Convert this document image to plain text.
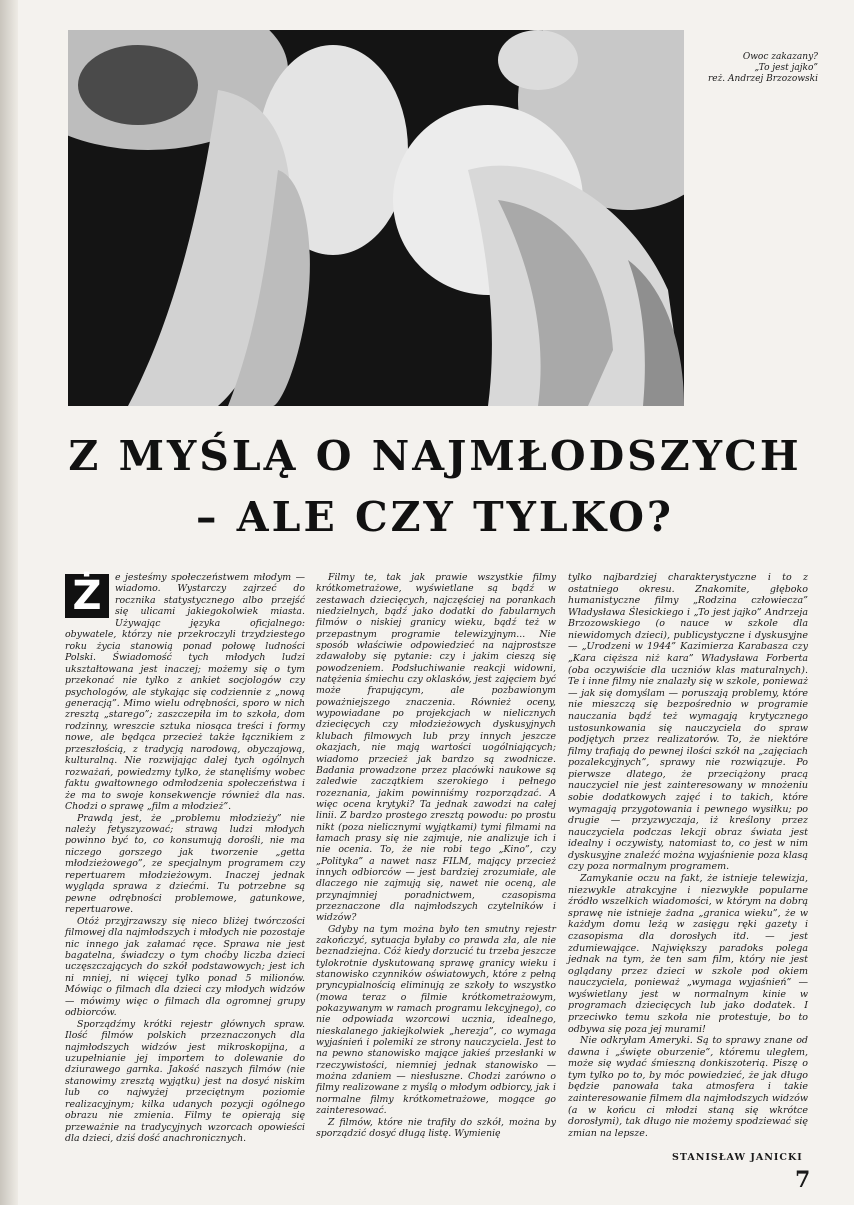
Owoc zakazany?
„To jest jajko”
reż. Andrzej Brzozowski
Z MYŚLĄ O NAJMŁODSZYCH
– ALE CZY TYLKO?
Ż	e jesteśmy społeczeństwem młodym — wiadomo. Wystarczy zajrzeć do rocznika statystycznego albo przejść się ulicami jakiegokolwiek miasta. Używając języka oficjalnego: obywatele, którzy nie przekroczyli trzydziestego roku życia stanowią ponad połowę ludności Polski. Świadomość tych młodych ludzi ukształtowana jest inaczej; możemy się o tym przekonać nie tylko z ankiet socjologów czy psychologów, ale stykając się codziennie z „nową generacją”. Mimo wielu odrębności, sporo w nich zresztą „starego”; zaszczepiła im to szkoła, dom rodzinny, wreszcie sztuka niosąca treści i formy nowe, ale będąca przecież także łącznikiem z przeszłością, z tradycją narodową, obyczajową, kulturalną. Nie rozwijając dalej tych ogólnych rozważań, powiedzmy tylko, że stanęliśmy wobec faktu gwałtownego odmłodzenia społeczeństwa i że ma to swoje konsekwencje również dla nas. Chodzi o sprawę „film a młodzież”.

Prawdą jest, że „problemu młodzieży” nie należy fetyszyzować; strawą ludzi młodych powinno być to, co konsumują dorośli, nie ma niczego gorszego jak tworzenie „getta młodzieżowego”, ze specjalnym programem czy repertuarem młodzieżowym. Inaczej jednak wygląda sprawa z dziećmi. Tu potrzebne są pewne odrębności problemowe, gatunkowe, repertuarowe.

Otóż przyjrzawszy się nieco bliżej twórczości filmowej dla najmłodszych i młodych nie pozostaje nic innego jak załamać ręce. Sprawa nie jest bagatelna, świadczy o tym choćby liczba dzieci uczęszczających do szkół podstawowych; jest ich ni mniej, ni więcej tylko ponad 5 milionów. Mówiąc o filmach dla dzieci czy młodych widzów — mówimy więc o filmach dla ogromnej grupy odbiorców.

Sporządźmy krótki rejestr głównych spraw. Ilość filmów polskich przeznaczonych dla najmłodszych widzów jest mikroskopijna, a uzupełnianie jej importem to dolewanie do dziurawego garnka. Jakość naszych filmów (nie stanowimy zresztą wyjątku) jest na dosyć niskim lub co najwyżej przeciętnym poziomie realizacyjnym; kilka udanych pozycji ogólnego obrazu nie zmienia. Filmy te opierają się przeważnie na tradycyjnych wzorcach opowieści dla dzieci, dziś dość anachronicznych.

Filmy te, tak jak prawie wszystkie filmy krótkometrażowe, wyświetlane są bądź w zestawach dziecięcych, najczęściej na porankach niedzielnych, bądź jako dodatki do fabularnych filmów o niskiej granicy wieku, bądź też w przepastnym programie telewizyjnym... Nie sposób właściwie odpowiedzieć na najprostsze zdawałoby się pytanie: czy i jakim cieszą się powodzeniem. Podsłuchiwanie reakcji widowni, natężenia śmiechu czy oklasków, jest zajęciem być może frapującym, ale pozbawionym poważniejszego znaczenia. Również oceny, wypowiadane po projekcjach w nielicznych dziecięcych czy młodzieżowych dyskusyjnych klubach filmowych lub przy innych jeszcze okazjach, nie mają wartości uogólniających; wiadomo przecież jak bardzo są zwodnicze. Badania prowadzone przez placówki naukowe są zaledwie zaczątkiem szerokiego i pełnego rozeznania, jakim powinniśmy rozporządzać. A więc ocena krytyki? Ta jednak zawodzi na całej linii. Z bardzo prostego zresztą powodu: po prostu nikt (poza nielicznymi wyjątkami) tymi filmami na łamach prasy się nie zajmuje, nie analizuje ich i nie ocenia. To, że nie robi tego „Kino”, czy „Polityka” a nawet nasz FILM, mający przecież innych odbiorców — jest bardziej zrozumiałe, ale dlaczego nie zajmują się, nawet nie oceną, ale przynajmniej poradnictwem, czasopisma przeznaczone dla najmłodszych czytelników i widzów?

Gdyby na tym można było ten smutny rejestr zakończyć, sytuacja byłaby co prawda zła, ale nie beznadziejna. Cóż kiedy dorzucić tu trzeba jeszcze tylokrotnie dyskutowaną sprawę granicy wieku i stanowisko czynników oświatowych, które z pełną pryncypialnością eliminują ze szkoły to wszystko (mowa teraz o filmie krótkometrażowym, pokazywanym w ramach programu lekcyjnego), co nie odpowiada wzorcowi ucznia, idealnego, nieskalanego jakiejkolwiek „herezja”, co wymaga wyjaśnień i polemiki ze strony nauczyciela. Jest to na pewno stanowisko mające jakieś przesłanki w rzeczywistości, niemniej jednak stanowisko — można zdaniem — niesłuszne. Chodzi zarówno o filmy realizowane z myślą o młodym odbiorcy, jak i normalne filmy krótkometrażowe, mogące go zainteresować.

Z filmów, które nie trafiły do szkół, można by sporządzić dosyć długą listę. Wymienię

tylko najbardziej charakterystyczne i to z ostatniego okresu. Znakomite, głęboko humanistyczne filmy „Rodzina człowiecza” Władysława Ślesickiego i „To jest jajko” Andrzeja Brzozowskiego (o nauce w szkole dla niewidomych dzieci), publicystyczne i dyskusyjne — „Urodzeni w 1944” Kazimierza Karabasza czy „Kara cięższa niż kara” Władysława Forberta (oba oczywiście dla uczniów klas maturalnych). Te i inne filmy nie znalazły się w szkole, ponieważ — jak się domyślam — poruszają problemy, które nie mieszczą się bezpośrednio w programie nauczania bądź też wymagają krytycznego ustosunkowania się nauczyciela do spraw podjętych przez realizatorów. To, że niektóre filmy trafiają do pewnej ilości szkół na „zajęciach pozalekcyjnych”, sprawy nie rozwiązuje. Po pierwsze dlatego, że przeciążony pracą nauczyciel nie jest zainteresowany w mnożeniu sobie dodatkowych zajęć i to takich, które wymagają przygotowania i pewnego wysiłku; po drugie — przyzwyczaja, iż kreślony przez nauczyciela podczas lekcji obraz świata jest idealny i oczywisty, natomiast to, co jest w nim dyskusyjne znaleźć można wyjaśnienie poza klasą czy poza normalnym programem.

Zamykanie oczu na fakt, że istnieje telewizja, niezwykle atrakcyjne i niezwykłe popularne źródło wszelkich wiadomości, w którym na dobrą sprawę nie istnieje żadna „granica wieku”, że w każdym domu leżą w zasięgu ręki gazety i czasopisma dla dorosłych itd. — jest zdumiewające. Największy paradoks polega jednak na tym, że ten sam film, który nie jest oglądany przez dzieci w szkole pod okiem nauczyciela, ponieważ „wymaga wyjaśnień” — wyświetlany jest w normalnym kinie w programach dziecięcych lub jako dodatek. I przeciwko temu szkoła nie protestuje, bo to odbywa się poza jej murami!

Nie odkryłam Ameryki. Są to sprawy znane od dawna i „święte oburzenie”, któremu uległem, może się wydać śmieszną donkiszoterią. Piszę o tym tylko po to, by móc powiedzieć, że jak długo będzie panowała taka atmosfera i takie zainteresowanie filmem dla najmłodszych widzów (a w końcu ci młodzi staną się wkrótce dorosłymi), tak długo nie możemy spodziewać się zmian na lepsze.

STANISŁAW JANICKI
7
